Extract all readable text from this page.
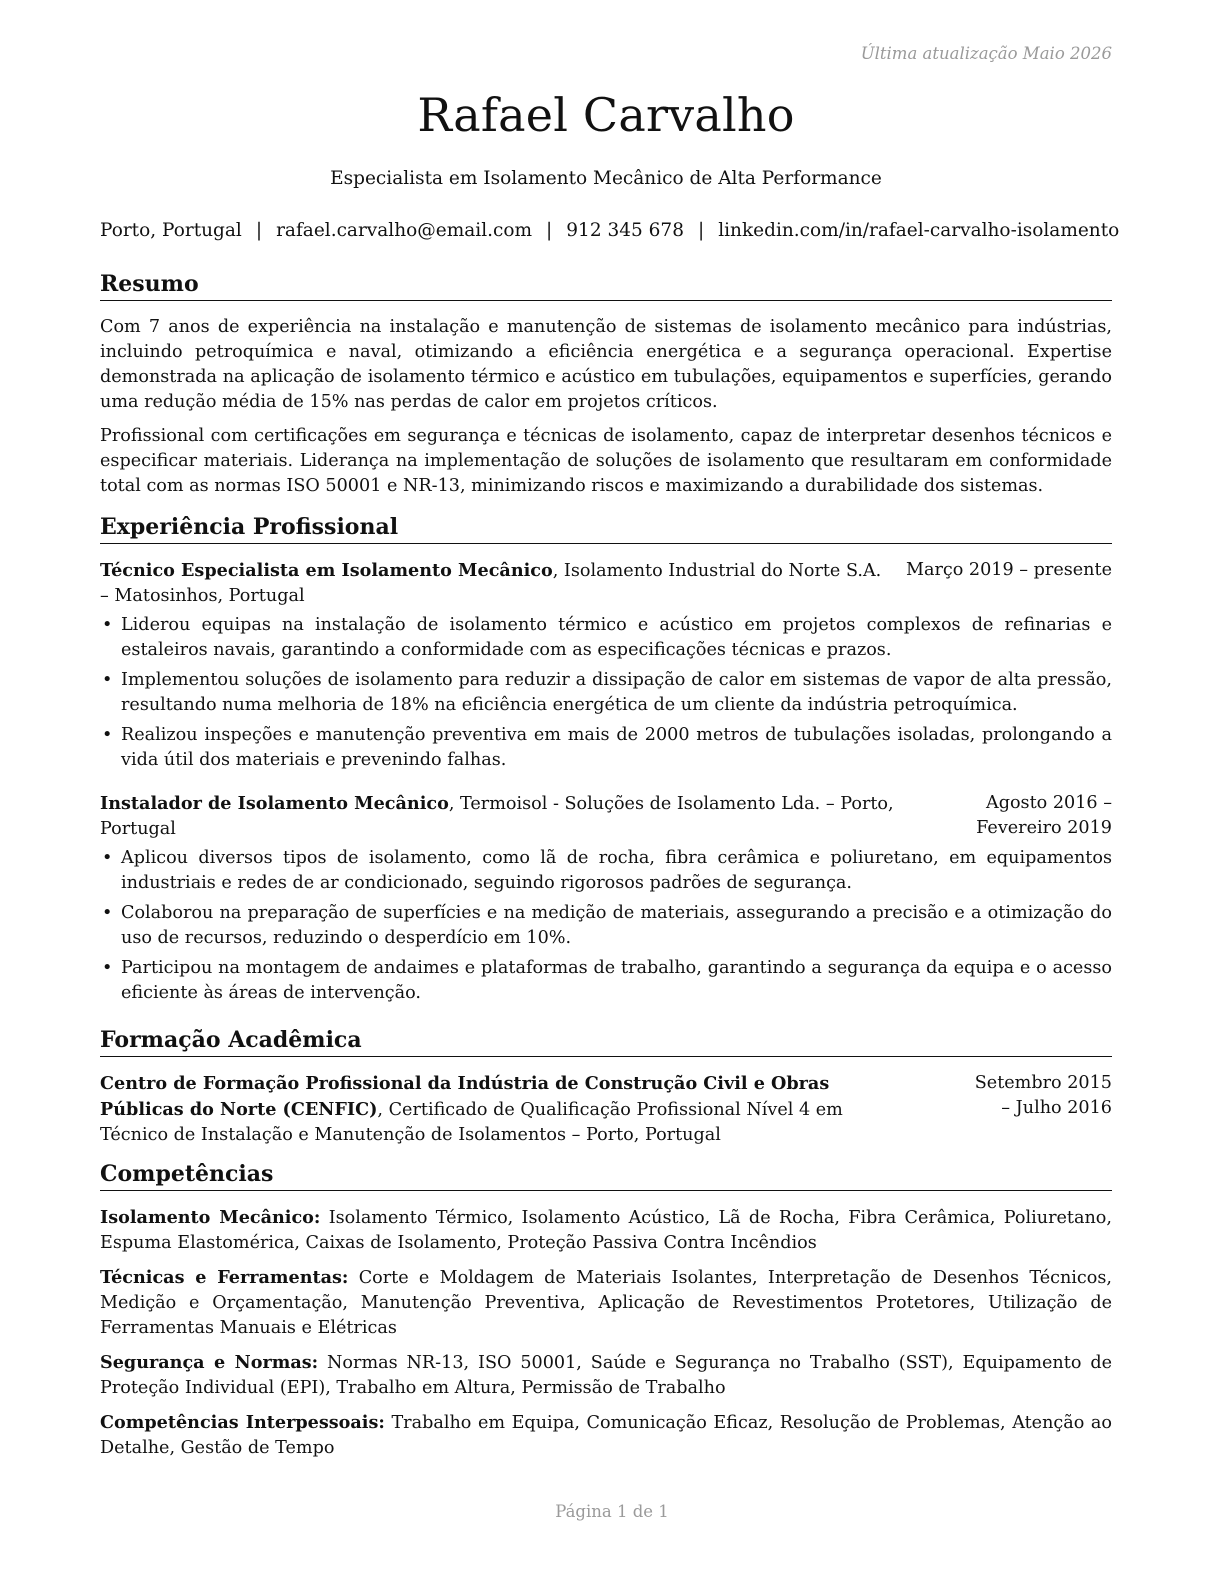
Última atualização Maio 2026
Rafael Carvalho
Especialista em Isolamento Mecânico de Alta Performance
Porto, Portugal | rafael.carvalho@email.com | 912 345 678 | linkedin.com/in/rafael-carvalho-isolamento
Resumo

Com 7 anos de experiência na instalação e manutenção de sistemas de isolamento mecânico para indústrias, incluindo petroquímica e naval, otimizando a eficiência energética e a segurança operacional. Expertise demonstrada na aplicação de isolamento térmico e acústico em tubulações, equipamentos e superfícies, gerando uma redução média de 15% nas perdas de calor em projetos críticos.

Profissional com certificações em segurança e técnicas de isolamento, capaz de interpretar desenhos técnicos e especificar materiais. Liderança na implementação de soluções de isolamento que resultaram em conformidade total com as normas ISO 50001 e NR-13, minimizando riscos e maximizando a durabilidade dos sistemas.

Experiência Profissional
Técnico Especialista em Isolamento Mecânico, Isolamento Industrial do Norte S.A. – Matosinhos, Portugal
Março 2019 – presente
• Liderou equipas na instalação de isolamento térmico e acústico em projetos complexos de refinarias e estaleiros navais, garantindo a conformidade com as especificações técnicas e prazos.
• Implementou soluções de isolamento para reduzir a dissipação de calor em sistemas de vapor de alta pressão, resultando numa melhoria de 18% na eficiência energética de um cliente da indústria petroquímica.
• Realizou inspeções e manutenção preventiva em mais de 2000 metros de tubulações isoladas, prolongando a vida útil dos materiais e prevenindo falhas.
Instalador de Isolamento Mecânico, Termoisol - Soluções de Isolamento Lda. – Porto, Portugal
Agosto 2016 – Fevereiro 2019
• Aplicou diversos tipos de isolamento, como lã de rocha, fibra cerâmica e poliuretano, em equipamentos industriais e redes de ar condicionado, seguindo rigorosos padrões de segurança.
• Colaborou na preparação de superfícies e na medição de materiais, assegurando a precisão e a otimização do uso de recursos, reduzindo o desperdício em 10%.
• Participou na montagem de andaimes e plataformas de trabalho, garantindo a segurança da equipa e o acesso eficiente às áreas de intervenção.
Formação Acadêmica
Centro de Formação Profissional da Indústria de Construção Civil e Obras Públicas do Norte (CENFIC), Certificado de Qualificação Profissional Nível 4 em Técnico de Instalação e Manutenção de Isolamentos – Porto, Portugal
Setembro 2015 – Julho 2016
Competências

Isolamento Mecânico: Isolamento Térmico, Isolamento Acústico, Lã de Rocha, Fibra Cerâmica, Poliuretano, Espuma Elastomérica, Caixas de Isolamento, Proteção Passiva Contra Incêndios

Técnicas e Ferramentas: Corte e Moldagem de Materiais Isolantes, Interpretação de Desenhos Técnicos, Medição e Orçamentação, Manutenção Preventiva, Aplicação de Revestimentos Protetores, Utilização de Ferramentas Manuais e Elétricas

Segurança e Normas: Normas NR-13, ISO 50001, Saúde e Segurança no Trabalho (SST), Equipamento de Proteção Individual (EPI), Trabalho em Altura, Permissão de Trabalho

Competências Interpessoais: Trabalho em Equipa, Comunicação Eficaz, Resolução de Problemas, Atenção ao Detalhe, Gestão de Tempo

Página 1 de 1
